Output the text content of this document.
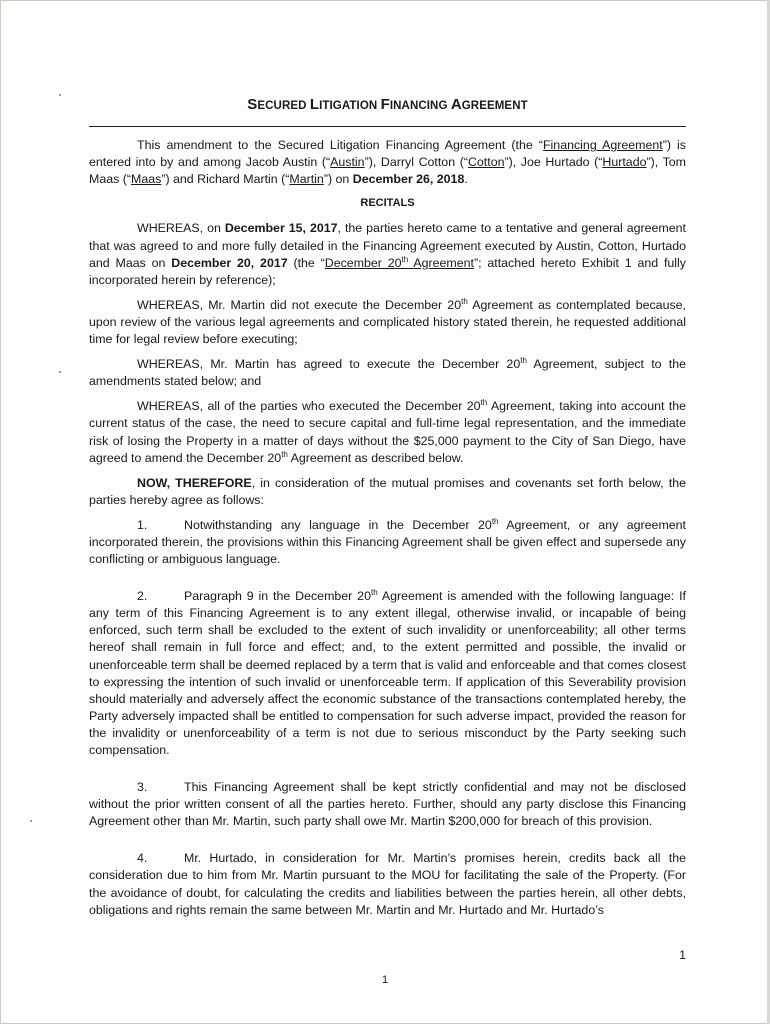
SECURED LITIGATION FINANCING AGREEMENT

This amendment to the Secured Litigation Financing Agreement (the “Financing Agreement”) is entered into by and among Jacob Austin (“Austin”), Darryl Cotton (“Cotton”), Joe Hurtado (“Hurtado”), Tom Maas (“Maas”) and Richard Martin (“Martin”) on December 26, 2018.

RECITALS

WHEREAS, on December 15, 2017, the parties hereto came to a tentative and general agreement that was agreed to and more fully detailed in the Financing Agreement executed by Austin, Cotton, Hurtado and Maas on December 20, 2017 (the “December 20th Agreement”; attached hereto Exhibit 1 and fully incorporated herein by reference);

WHEREAS, Mr. Martin did not execute the December 20th Agreement as contemplated because, upon review of the various legal agreements and complicated history stated therein, he requested additional time for legal review before executing;

WHEREAS, Mr. Martin has agreed to execute the December 20th Agreement, subject to the amendments stated below; and

WHEREAS, all of the parties who executed the December 20th Agreement, taking into account the current status of the case, the need to secure capital and full-time legal representation, and the immediate risk of losing the Property in a matter of days without the $25,000 payment to the City of San Diego, have agreed to amend the December 20th Agreement as described below.

NOW, THEREFORE, in consideration of the mutual promises and covenants set forth below, the parties hereby agree as follows:

1.	Notwithstanding any language in the December 20th Agreement, or any agreement incorporated therein, the provisions within this Financing Agreement shall be given effect and supersede any conflicting or ambiguous language.

2.	Paragraph 9 in the December 20th Agreement is amended with the following language: If any term of this Financing Agreement is to any extent illegal, otherwise invalid, or incapable of being enforced, such term shall be excluded to the extent of such invalidity or unenforceability; all other terms hereof shall remain in full force and effect; and, to the extent permitted and possible, the invalid or unenforceable term shall be deemed replaced by a term that is valid and enforceable and that comes closest to expressing the intention of such invalid or unenforceable term. If application of this Severability provision should materially and adversely affect the economic substance of the transactions contemplated hereby, the Party adversely impacted shall be entitled to compensation for such adverse impact, provided the reason for the invalidity or unenforceability of a term is not due to serious misconduct by the Party seeking such compensation.

3.	This Financing Agreement shall be kept strictly confidential and may not be disclosed without the prior written consent of all the parties hereto. Further, should any party disclose this Financing Agreement other than Mr. Martin, such party shall owe Mr. Martin $200,000 for breach of this provision.

4.	Mr. Hurtado, in consideration for Mr. Martin’s promises herein, credits back all the consideration due to him from Mr. Martin pursuant to the MOU for facilitating the sale of the Property. (For the avoidance of doubt, for calculating the credits and liabilities between the parties herein, all other debts, obligations and rights remain the same between Mr. Martin and Mr. Hurtado and Mr. Hurtado’s

1
1
